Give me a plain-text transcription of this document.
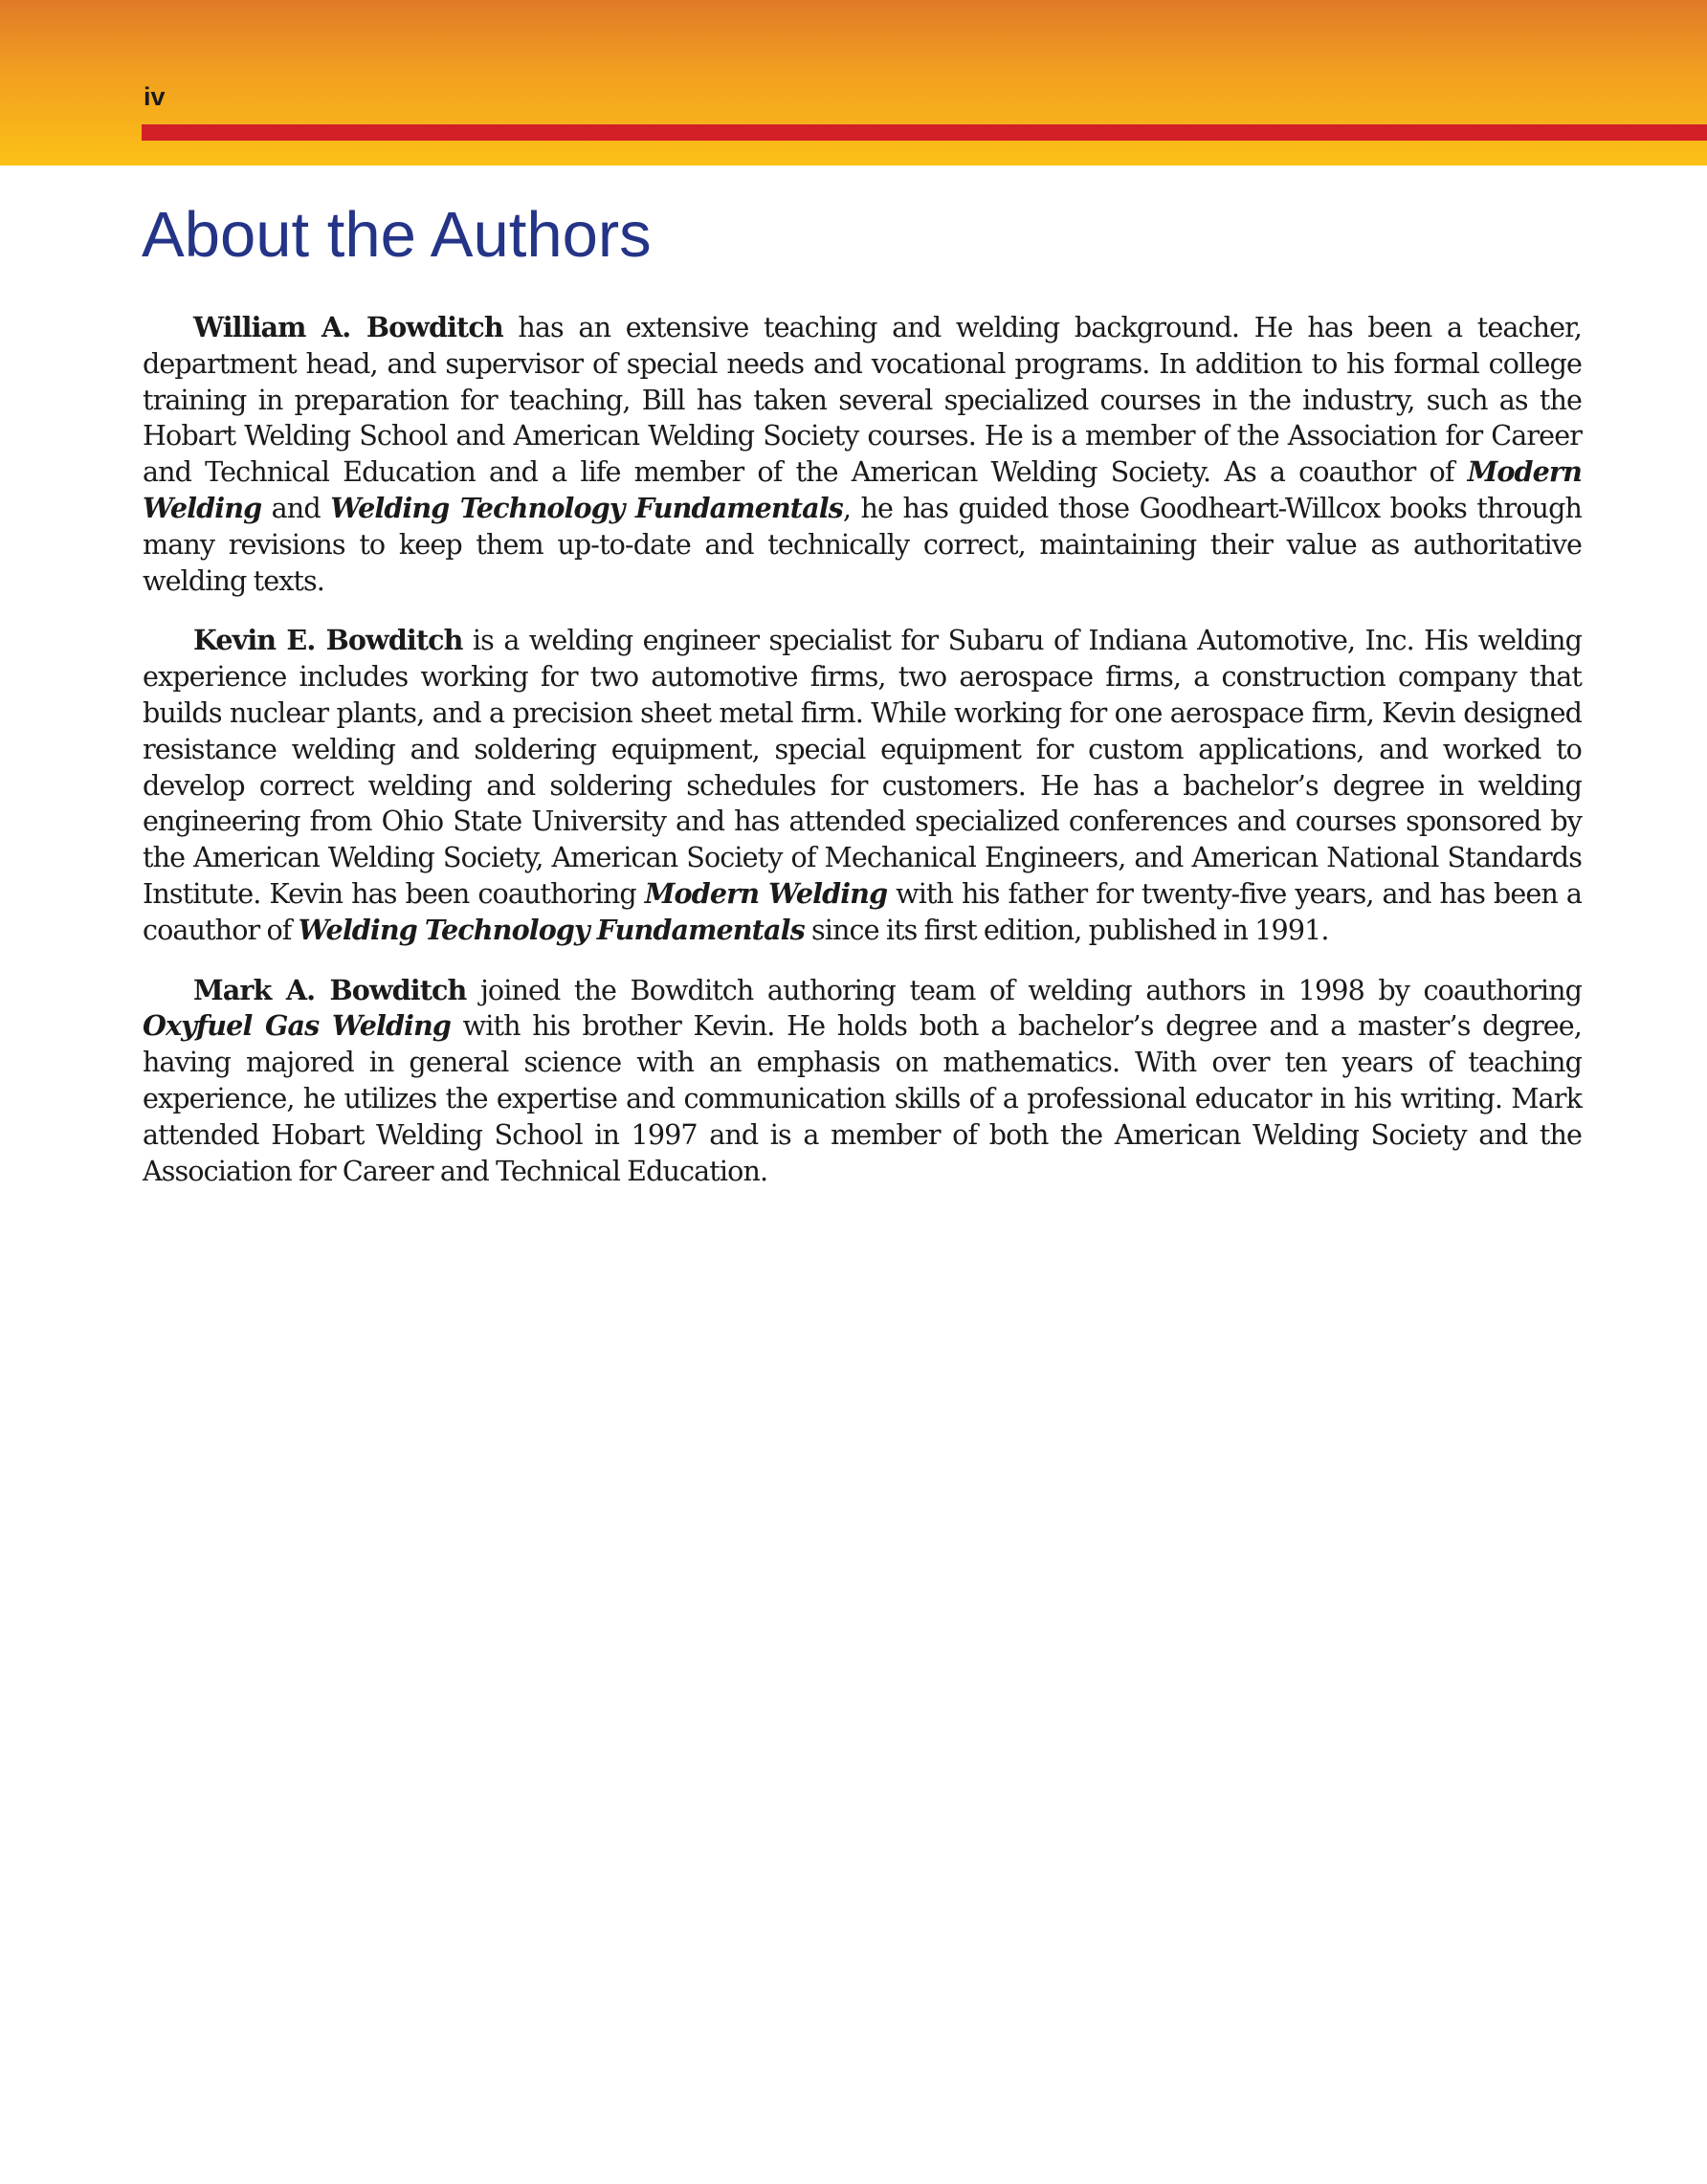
iv
About the Authors

William A. Bowditch has an extensive teaching and welding background. He has been a teacher, department head, and supervisor of special needs and vocational programs. In addition to his formal college training in preparation for teaching, Bill has taken several specialized courses in the industry, such as the Hobart Welding School and American Welding Society courses. He is a member of the Association for Career and Technical Education and a life member of the American Welding Society. As a coauthor of Modern Welding and Welding Technology Fundamentals, he has guided those Goodheart-Willcox books through many revisions to keep them up-to-date and technically correct, maintaining their value as authoritative welding texts.

Kevin E. Bowditch is a welding engineer specialist for Subaru of Indiana Automotive, Inc. His welding experience includes working for two automotive firms, two aerospace firms, a construction company that builds nuclear plants, and a precision sheet metal firm. While working for one aerospace firm, Kevin designed resistance welding and soldering equipment, special equipment for custom applications, and worked to develop correct welding and soldering schedules for customers. He has a bachelor’s degree in welding engineering from Ohio State University and has attended specialized conferences and courses sponsored by the American Welding Society, American Society of Mechanical Engineers, and American National Standards Institute. Kevin has been coauthoring Modern Welding with his father for twenty-five years, and has been a coauthor of Welding Technology Fundamentals since its first edition, published in 1991.

Mark A. Bowditch joined the Bowditch authoring team of welding authors in 1998 by coauthoring Oxyfuel Gas Welding with his brother Kevin. He holds both a bachelor’s degree and a master’s degree, having majored in general science with an emphasis on mathematics. With over ten years of teaching experience, he utilizes the expertise and communication skills of a professional educator in his writing. Mark attended Hobart Welding School in 1997 and is a member of both the American Welding Society and the Association for Career and Technical Education.
